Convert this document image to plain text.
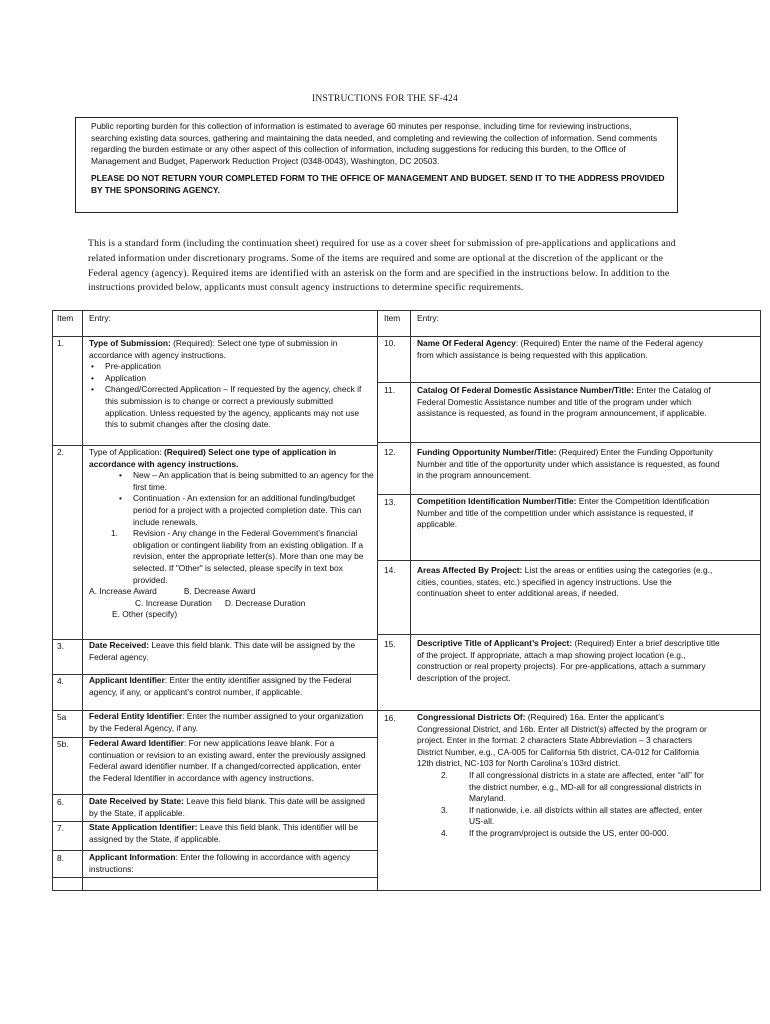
INSTRUCTIONS FOR THE SF-424

Public reporting burden for this collection of information is estimated to average 60 minutes per response, including time for reviewing instructions, searching existing data sources, gathering and maintaining the data needed, and completing and reviewing the collection of information. Send comments regarding the burden estimate or any other aspect of this collection of information, including suggestions for reducing this burden, to the Office of Management and Budget, Paperwork Reduction Project (0348-0043), Washington, DC 20503.

PLEASE DO NOT RETURN YOUR COMPLETED FORM TO THE OFFICE OF MANAGEMENT AND BUDGET. SEND IT TO THE ADDRESS PROVIDED BY THE SPONSORING AGENCY.

This is a standard form (including the continuation sheet) required for use as a cover sheet for submission of pre-applications and applications and related information under discretionary programs. Some of the items are required and some are optional at the discretion of the applicant or the Federal agency (agency). Required items are identified with an asterisk on the form and are specified in the instructions below. In addition to the instructions provided below, applicants must consult agency instructions to determine specific requirements.
Item	Entry:	Item	Entry:
1.	Type of Submission: (Required): Select one type of submission in accordance with agency instructions.
• Pre-application
• Application
• Changed/Corrected Application – If requested by the agency, check if this submission is to change or correct a previously submitted application. Unless requested by the agency, applicants may not use this to submit changes after the closing date.
2.	Type of Application: (Required) Select one type of application in accordance with agency instructions.
• New – An application that is being submitted to an agency for the first time.
• Continuation - An extension for an additional funding/budget period for a project with a projected completion date. This can include renewals.
1. Revision - Any change in the Federal Government’s financial obligation or contingent liability from an existing obligation. If a revision, enter the appropriate letter(s). More than one may be selected. If "Other" is selected, please specify in text box provided.
A. Increase Award	B. Decrease Award
C. Increase Duration D. Decrease Duration
E. Other (specify)
3.	Date Received: Leave this field blank. This date will be assigned by the Federal agency.
4.	Applicant Identifier: Enter the entity identifier assigned by the Federal agency, if any, or applicant’s control number, if applicable.
5a	Federal Entity Identifier: Enter the number assigned to your organization by the Federal Agency, if any.
5b. Federal Award Identifier: For new applications leave blank. For a continuation or revision to an existing award, enter the previously assigned Federal award identifier number. If a changed/corrected application, enter the Federal Identifier in accordance with agency instructions.
6.	Date Received by State: Leave this field blank. This date will be assigned by the State, if applicable.
7.	State Application Identifier: Leave this field blank. This identifier will be assigned by the State, if applicable.
8.	Applicant Information: Enter the following in accordance with agency instructions:
10.	Name Of Federal Agency: (Required) Enter the name of the Federal agency from which assistance is being requested with this application.
11.	Catalog Of Federal Domestic Assistance Number/Title: Enter the Catalog of Federal Domestic Assistance number and title of the program under which assistance is requested, as found in the program announcement, if applicable.
12.	Funding Opportunity Number/Title: (Required) Enter the Funding Opportunity Number and title of the opportunity under which assistance is requested, as found in the program announcement.
13.	Competition Identification Number/Title: Enter the Competition Identification Number and title of the competition under which assistance is requested, if applicable.
14.	Areas Affected By Project: List the areas or entities using the categories (e.g., cities, counties, states, etc.) specified in agency instructions. Use the continuation sheet to enter additional areas, if needed.
15.	Descriptive Title of Applicant’s Project: (Required) Enter a brief descriptive title of the project. If appropriate, attach a map showing project location (e.g., construction or real property projects). For pre-applications, attach a summary description of the project.
16.	Congressional Districts Of: (Required) 16a. Enter the applicant’s Congressional District, and 16b. Enter all District(s) affected by the program or project. Enter in the format: 2 characters State Abbreviation – 3 characters District Number, e.g., CA-005 for California 5th district, CA-012 for California 12th district, NC-103 for North Carolina’s 103rd district.
2.	If all congressional districts in a state are affected, enter “all” for the district number, e.g., MD-all for all congressional districts in Maryland.
3.	If nationwide, i.e. all districts within all states are affected, enter US-all.
4.	If the program/project is outside the US, enter 00-000.
